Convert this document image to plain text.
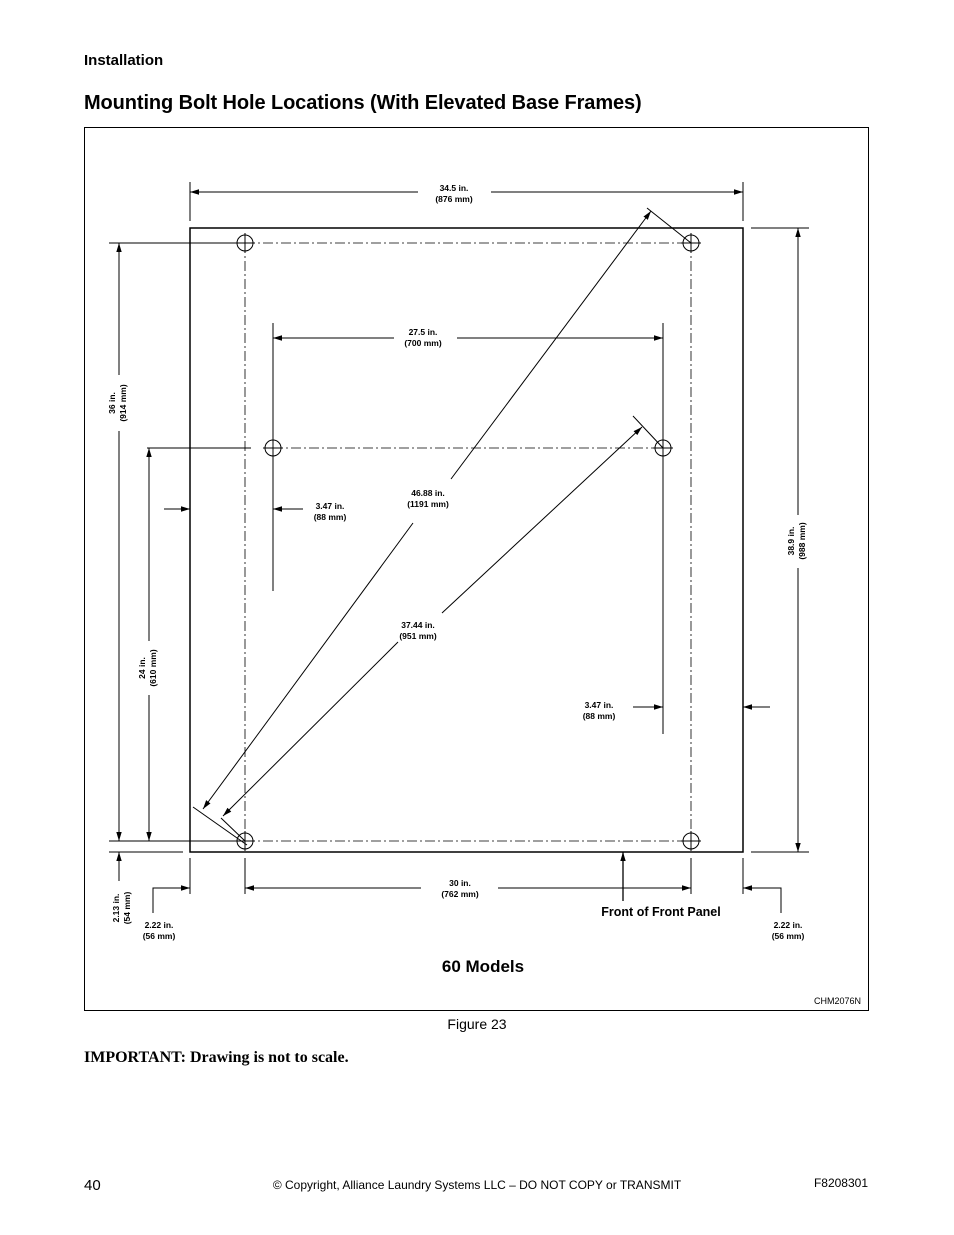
Installation
Mounting Bolt Hole Locations (With Elevated Base Frames)
34.5 in.
(876 mm)
27.5 in.
(700 mm)
46.88 in.
(1191 mm)
3.47 in.
(88 mm)
37.44 in.
(951 mm)
3.47 in.
(88 mm)
30 in.
(762 mm)
2.22 in.
(56 mm)
2.22 in.
(56 mm)
36 in. (914 mm)
24 in. (610 mm)
38.9 in. (988 mm)
2.13 in. (54 mm)	Front of Front Panel
60 Models
CHM2076N
Figure 23
IMPORTANT: Drawing is not to scale.
40	© Copyright, Alliance Laundry Systems LLC – DO NOT COPY or TRANSMIT	F8208301
